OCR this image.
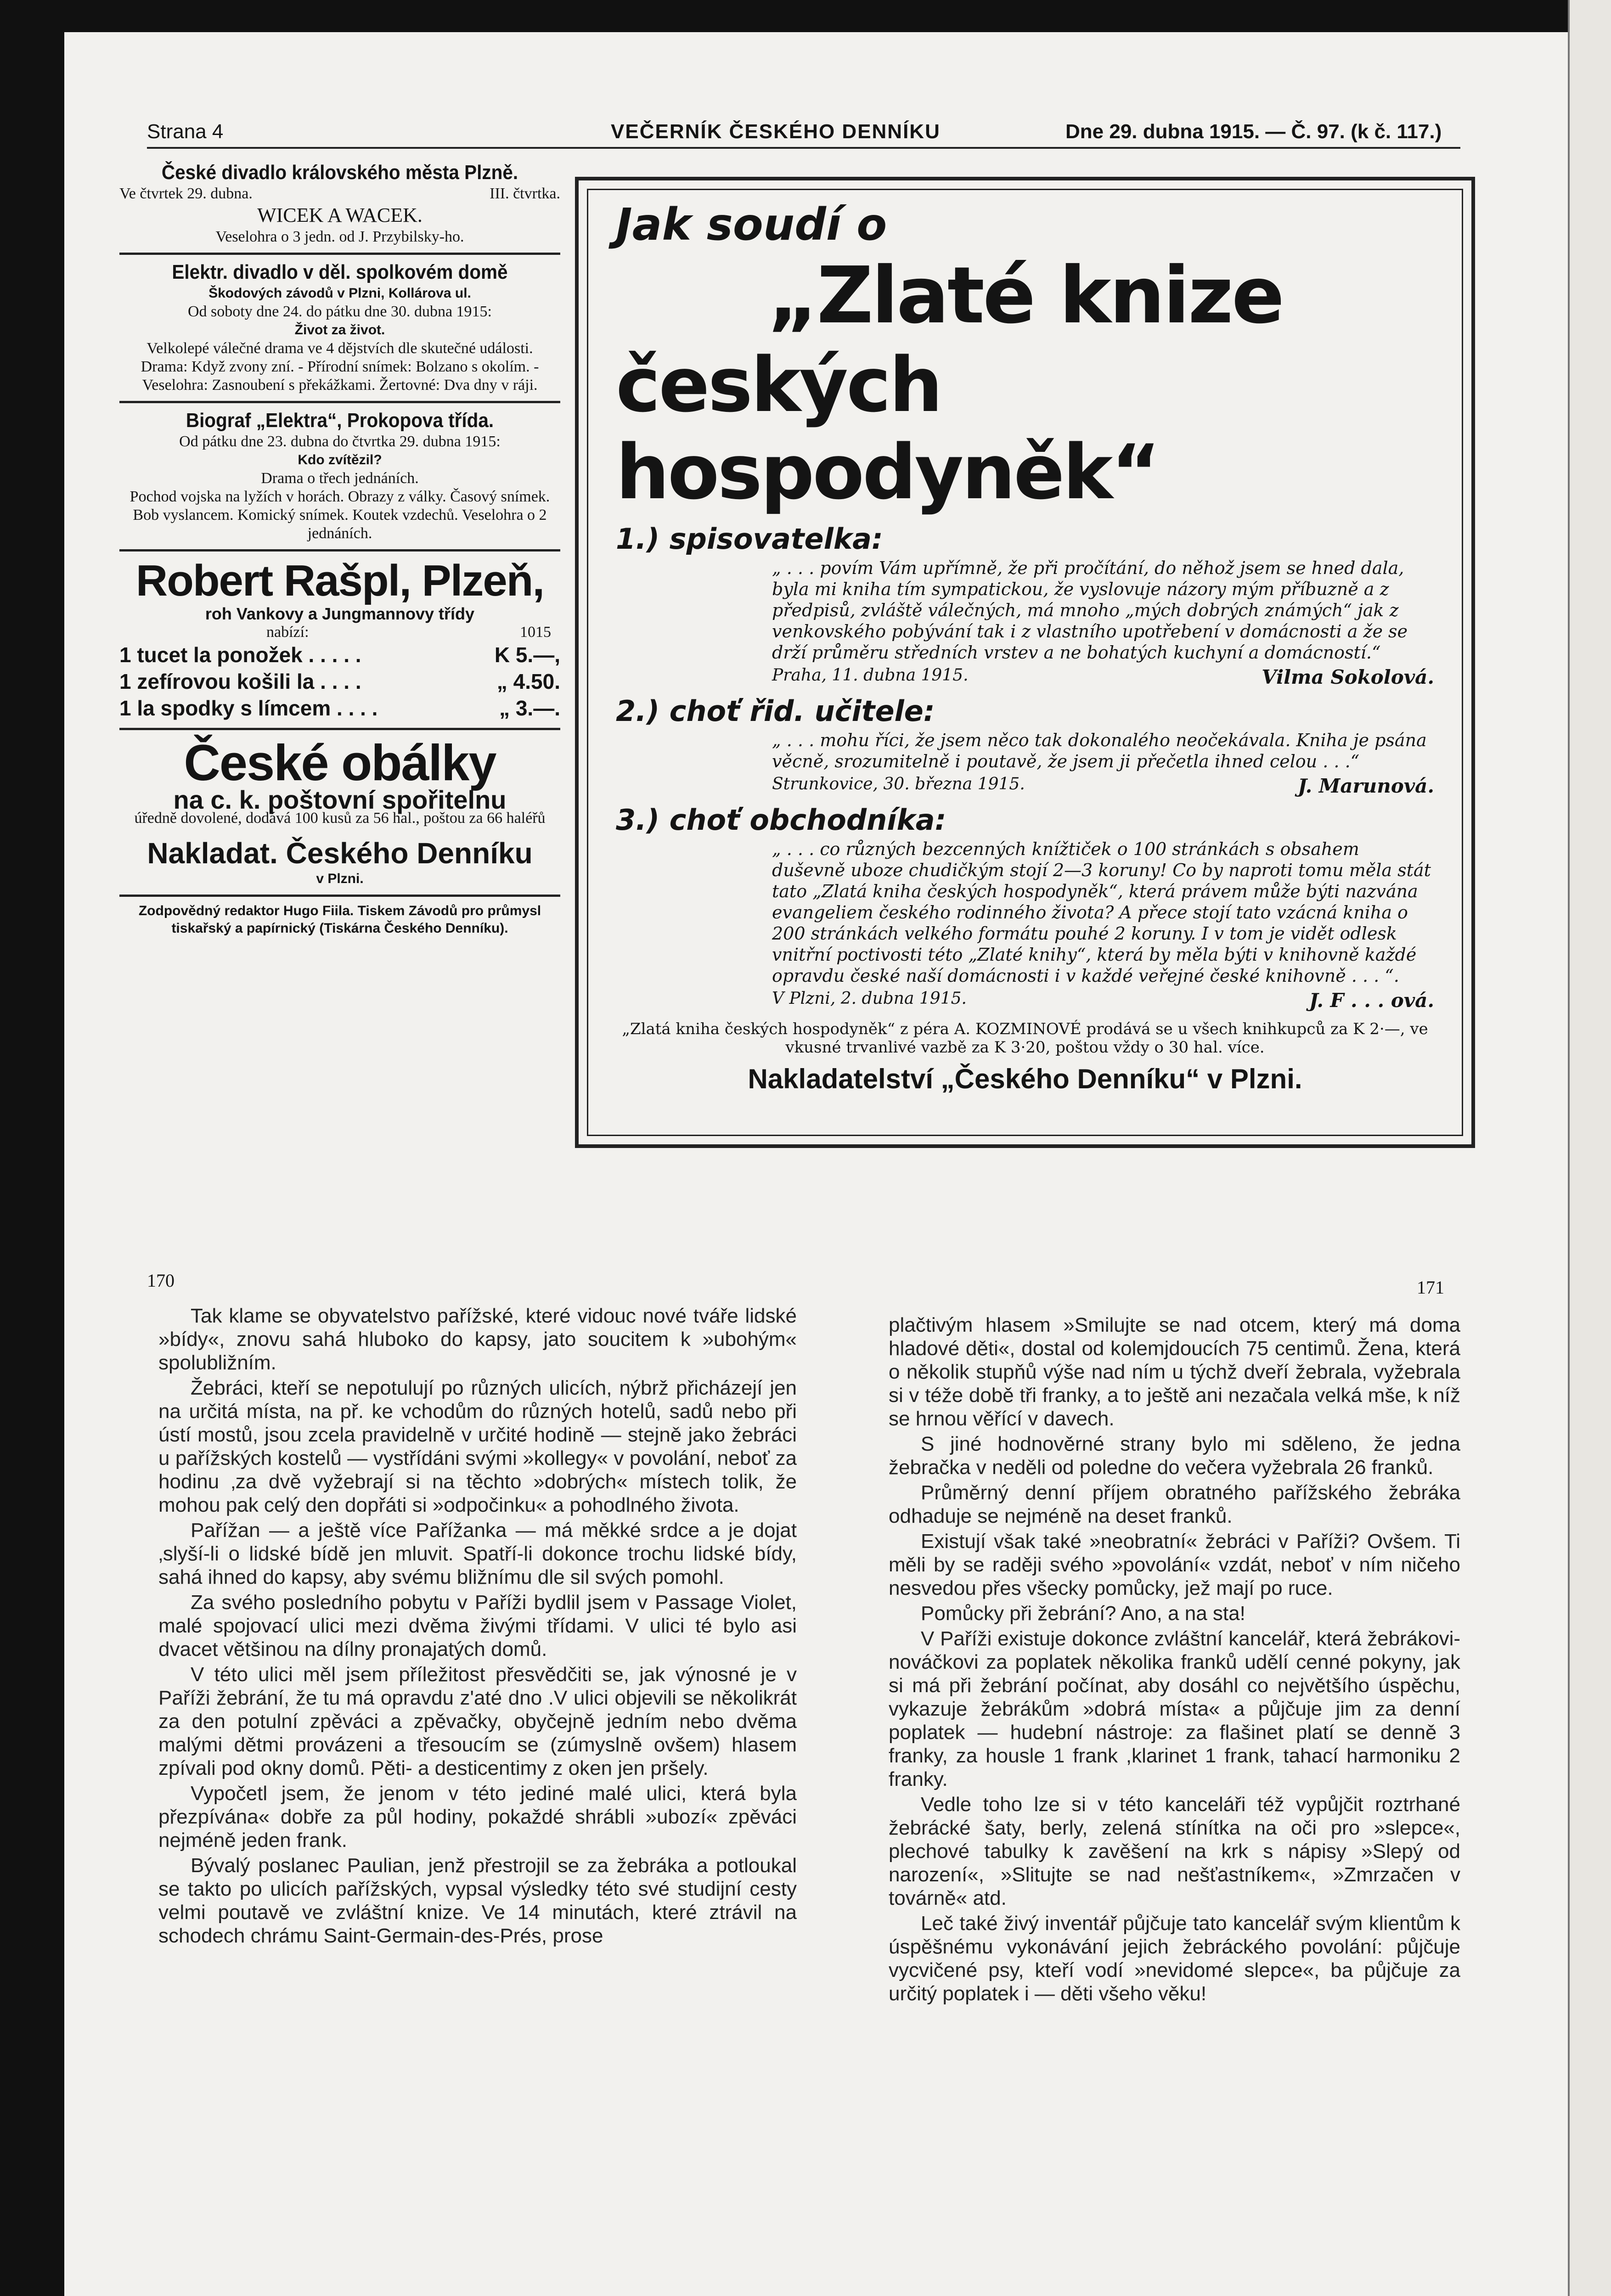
Strana 4	VEČERNÍK ČESKÉHO DENNÍKU	Dne 29. dubna 1915. — Č. 97. (k č. 117.)
České divadlo královského města Plzně.
Ve čtvrtek 29. dubna.	III. čtvrtka.
WICEK A WACEK.
Veselohra o 3 jedn. od J. Przybilsky-ho.
Elektr. divadlo v děl. spolkovém domě
Škodových závodů v Plzni, Kollárova ul.
Od soboty dne 24. do pátku dne 30. dubna 1915:
Život za život.
Velkolepé válečné drama ve 4 dějstvích dle skutečné události.
Drama: Když zvony zní. - Přírodní snímek: Bolzano s okolím. - Veselohra: Zasnoubení s překážkami. Žertovné: Dva dny v ráji.
Biograf „Elektra“, Prokopova třída.
Od pátku dne 23. dubna do čtvrtka 29. dubna 1915:
Kdo zvítězil?
Drama o třech jednáních.
Pochod vojska na lyžích v horách. Obrazy z války. Časový snímek. Bob vyslancem. Komický snímek. Koutek vzdechů. Veselohra o 2 jednáních.
Robert Rašpl, Plzeň,
roh Vankovy a Jungmannovy třídy
nabízí:	1015
1 tucet la ponožek . . . . .	K 5.—,
1 zefírovou košili la . . . .	„ 4.50.
1 la spodky s límcem . . . .	„ 3.—.
České obálky
na c. k. poštovní spořitelnu
úředně dovolené, dodává 100 kusů za 56 hal., poštou za 66 haléřů
Nakladat. Českého Denníku
v Plzni.
Zodpovědný redaktor Hugo Fiila. Tiskem Závodů pro průmysl tiskařský a papírnický (Tiskárna Českého Denníku).
Jak soudí o
„Zlaté knize
českých hospodyněk“
1.) spisovatelka:
„ . . . povím Vám upřímně, že při pročítání, do něhož jsem se hned dala, byla mi kniha tím sympatickou, že vyslovuje názory mým příbuzně a z předpisů, zvláště válečných, má mnoho „mých dobrých známých“ jak z venkovského pobývání tak i z vlastního upotřebení v domácnosti a že se drží průměru středních vrstev a ne bohatých kuchyní a domácností.“
Praha, 11. dubna 1915.	Vilma Sokolová.
2.) choť řid. učitele:
„ . . . mohu říci, že jsem něco tak dokonalého neočekávala. Kniha je psána věcně, srozumitelně i poutavě, že jsem ji přečetla ihned celou . . .“
Strunkovice, 30. března 1915.	J. Marunová.
3.) choť obchodníka:
„ . . . co různých bezcenných knížtiček o 100 stránkách s obsahem duševně uboze chudičkým stojí 2—3 koruny! Co by naproti tomu měla stát tato „Zlatá kniha českých hospodyněk“, která právem může býti nazvána evangeliem českého rodinného života? A přece stojí tato vzácná kniha o 200 stránkách velkého formátu pouhé 2 koruny. I v tom je vidět odlesk vnitřní poctivosti této „Zlaté knihy“, která by měla býti v knihovně každé opravdu české naší domácnosti i v každé veřejné české knihovně . . . “.
V Plzni, 2. dubna 1915.	J. F . . . ová.
„Zlatá kniha českých hospodyněk“ z péra A. KOZMINOVÉ prodává se u všech knihkupců za K 2·—, ve vkusné trvanlivé vazbě za K 3·20, poštou vždy o 30 hal. více.
Nakladatelství „Českého Denníku“ v Plzni.
170	171

Tak klame se obyvatelstvo pařížské, které vidouc nové tváře lidské »bídy«, znovu sahá hluboko do kapsy, jato soucitem k »ubohým« spolubližním.

Žebráci, kteří se nepotulují po různých ulicích, nýbrž přicházejí jen na určitá místa, na př. ke vchodům do různých hotelů, sadů nebo při ústí mostů, jsou zcela pravidelně v určité hodině — stejně jako žebráci u pařížských kostelů — vystřídáni svými »kollegy« v povolání, neboť za hodinu ‚za dvě vyžebrají si na těchto »dobrých« místech tolik, že mohou pak celý den dopřáti si »odpočinku« a pohodlného života.

Pařížan — a ještě více Pařížanka — má měkké srdce a je dojat ‚slyší-li o lidské bídě jen mluvit. Spatří-li dokonce trochu lidské bídy, sahá ihned do kapsy, aby svému bližnímu dle sil svých pomohl.

Za svého posledního pobytu v Paříži bydlil jsem v Passage Violet, malé spojovací ulici mezi dvěma živými třídami. V ulici té bylo asi dvacet většinou na dílny pronajatých domů.

V této ulici měl jsem příležitost přesvědčiti se, jak výnosné je v Paříži žebrání, že tu má opravdu z'até dno .V ulici objevili se několikrát za den potulní zpěváci a zpěvačky, obyčejně jedním nebo dvěma malými dětmi provázeni a třesoucím se (zúmyslně ovšem) hlasem zpívali pod okny domů. Pěti- a desticentimy z oken jen pršely.

Vypočetl jsem, že jenom v této jediné malé ulici, která byla přezpívána« dobře za půl hodiny, pokaždé shrábli »ubozí« zpěváci nejméně jeden frank.

Bývalý poslanec Paulian, jenž přestrojil se za žebráka a potloukal se takto po ulicích pařížských, vypsal výsledky této své studijní cesty velmi poutavě ve zvláštní knize. Ve 14 minutách, které ztrávil na schodech chrámu Saint-Germain-des-Prés, prose

plačtivým hlasem »Smilujte se nad otcem, který má doma hladové děti«, dostal od kolemjdoucích 75 centimů. Žena, která o několik stupňů výše nad ním u týchž dveří žebrala, vyžebrala si v téže době tři franky, a to ještě ani nezačala velká mše, k níž se hrnou věřící v davech.

S jiné hodnověrné strany bylo mi sděleno, že jedna žebračka v neděli od poledne do večera vyžebrala 26 franků.

Průměrný denní příjem obratného pařížského žebráka odhaduje se nejméně na deset franků.

Existují však také »neobratní« žebráci v Paříži? Ovšem. Ti měli by se raději svého »povolání« vzdát, neboť v ním ničeho nesvedou přes všecky pomůcky, jež mají po ruce.

Pomůcky při žebrání? Ano, a na sta!

V Paříži existuje dokonce zvláštní kancelář, která žebrákovi-nováčkovi za poplatek několika franků udělí cenné pokyny, jak si má při žebrání počínat, aby dosáhl co největšího úspěchu, vykazuje žebrákům »dobrá místa« a půjčuje jim za denní poplatek — hudební nástroje: za flašinet platí se denně 3 franky, za housle 1 frank ,klarinet 1 frank, tahací harmoniku 2 franky.

Vedle toho lze si v této kanceláři též vypůjčit roztrhané žebrácké šaty, berly, zelená stínítka na oči pro »slepce«, plechové tabulky k zavěšení na krk s nápisy »Slepý od narození«, »Slitujte se nad nešťastníkem«, »Zmrzačen v továrně« atd.

Leč také živý inventář půjčuje tato kancelář svým klientům k úspěšnému vykonávání jejich žebráckého povolání: půjčuje vycvičené psy, kteří vodí »nevidomé slepce«, ba půjčuje za určitý poplatek i — děti všeho věku!
